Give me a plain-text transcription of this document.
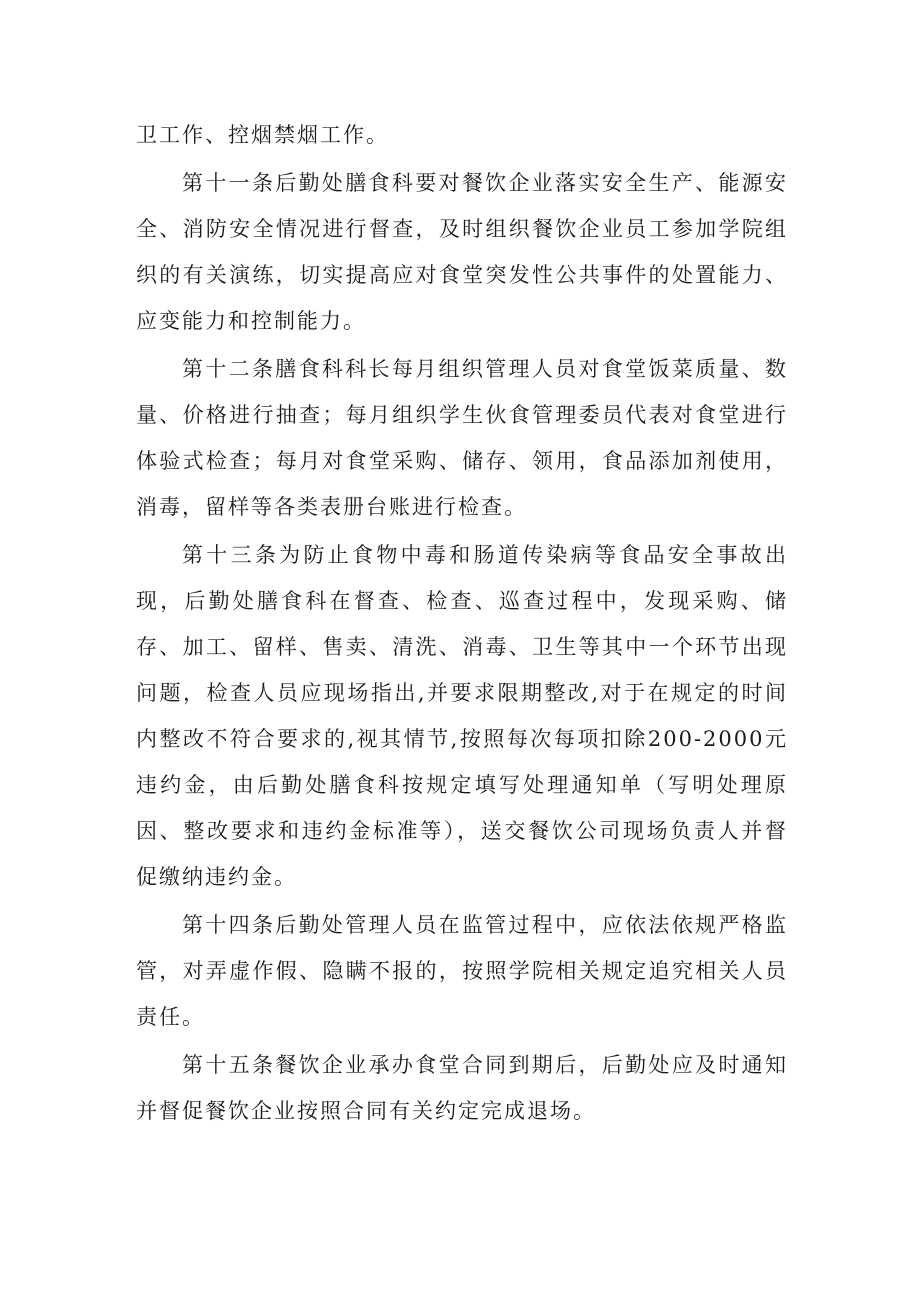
卫工作、控烟禁烟工作。

第十一条后勤处膳食科要对餐饮企业落实安全生产、能源安全、消防安全情况进行督查，及时组织餐饮企业员工参加学院组织的有关演练，切实提高应对食堂突发性公共事件的处置能力、应变能力和控制能力。

第十二条膳食科科长每月组织管理人员对食堂饭菜质量、数量、价格进行抽查；每月组织学生伙食管理委员代表对食堂进行体验式检查；每月对食堂采购、储存、领用，食品添加剂使用，消毒，留样等各类表册台账进行检查。

第十三条为防止食物中毒和肠道传染病等食品安全事故出现，后勤处膳食科在督查、检查、巡查过程中，发现采购、储存、加工、留样、售卖、清洗、消毒、卫生等其中一个环节出现问题，检查人员应现场指出,并要求限期整改,对于在规定的时间内整改不符合要求的,视其情节,按照每次每项扣除200-2000元违约金，由后勤处膳食科按规定填写处理通知单（写明处理原因、整改要求和违约金标准等），送交餐饮公司现场负责人并督促缴纳违约金。

第十四条后勤处管理人员在监管过程中，应依法依规严格监管，对弄虚作假、隐瞒不报的，按照学院相关规定追究相关人员责任。

第十五条餐饮企业承办食堂合同到期后，后勤处应及时通知并督促餐饮企业按照合同有关约定完成退场。
